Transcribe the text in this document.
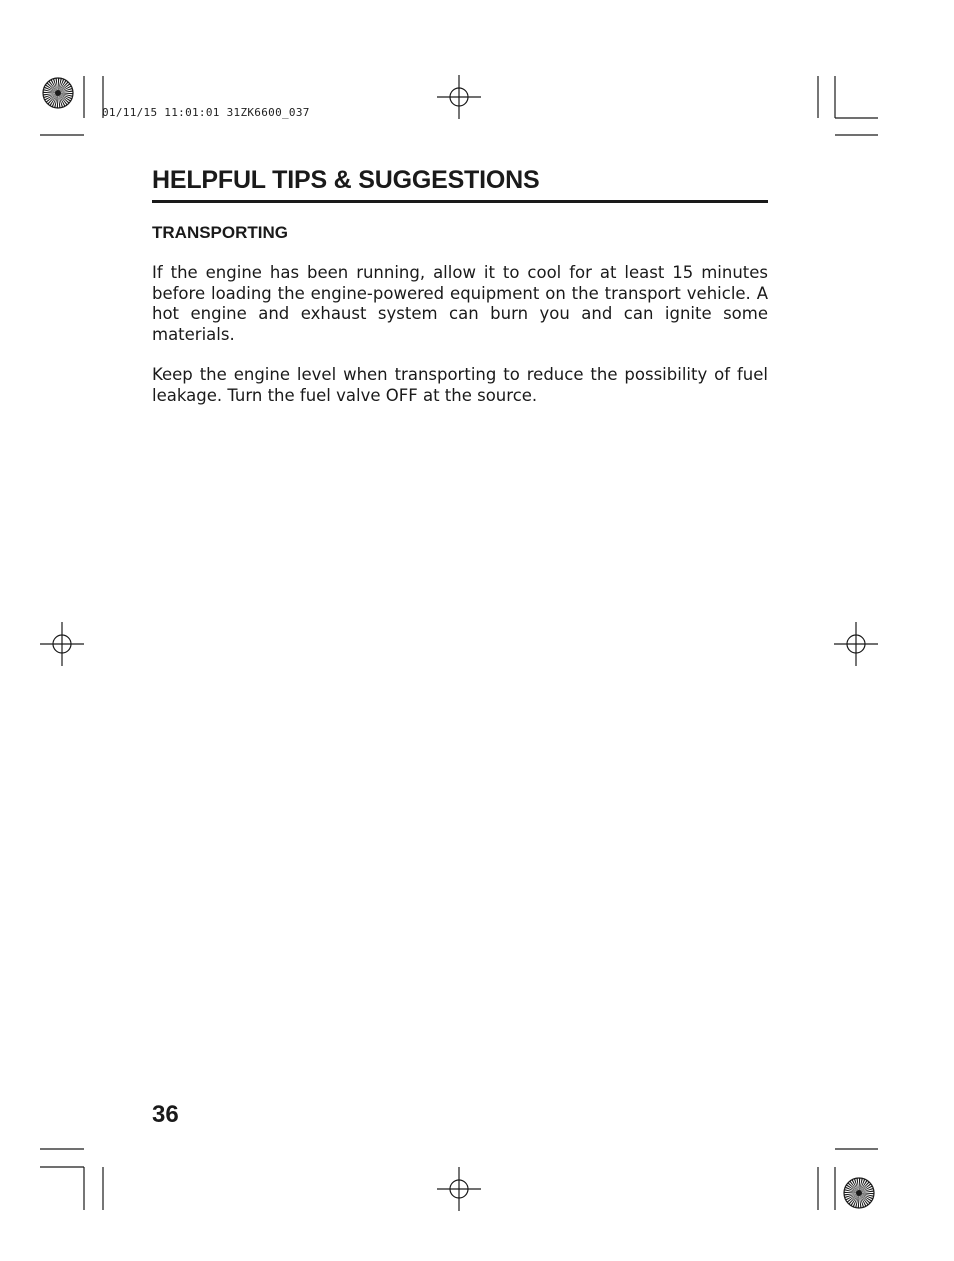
01/11/15 11:01:01 31ZK6600_037
HELPFUL TIPS & SUGGESTIONS
TRANSPORTING

If the engine has been running, allow it to cool for at least 15 minutes before loading the engine-powered equipment on the transport vehicle. A hot engine and exhaust system can burn you and can ignite some materials.

Keep the engine level when transporting to reduce the possibility of fuel leakage. Turn the fuel valve OFF at the source.

36
